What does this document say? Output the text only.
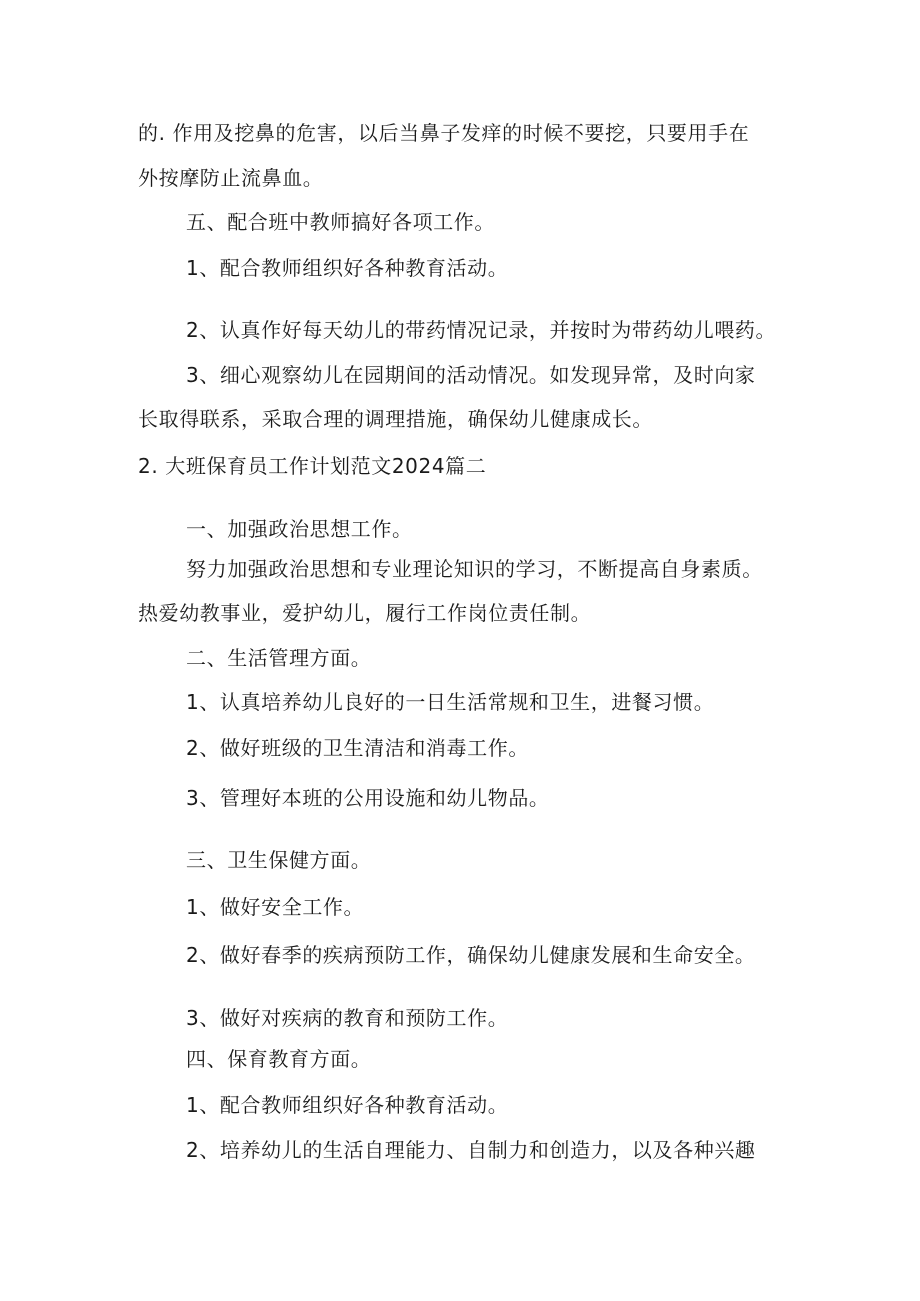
的. 作用及挖鼻的危害，以后当鼻子发痒的时候不要挖，只要用手在
外按摩防止流鼻血。
五、配合班中教师搞好各项工作。
1、配合教师组织好各种教育活动。
2、认真作好每天幼儿的带药情况记录，并按时为带药幼儿喂药。
3、细心观察幼儿在园期间的活动情况。如发现异常，及时向家
长取得联系，采取合理的调理措施，确保幼儿健康成长。
2. 大班保育员工作计划范文2024篇二
一、加强政治思想工作。
努力加强政治思想和专业理论知识的学习，不断提高自身素质。
热爱幼教事业，爱护幼儿，履行工作岗位责任制。
二、生活管理方面。
1、认真培养幼儿良好的一日生活常规和卫生，进餐习惯。
2、做好班级的卫生清洁和消毒工作。
3、管理好本班的公用设施和幼儿物品。
三、卫生保健方面。
1、做好安全工作。
2、做好春季的疾病预防工作，确保幼儿健康发展和生命安全。
3、做好对疾病的教育和预防工作。
四、保育教育方面。
1、配合教师组织好各种教育活动。
2、培养幼儿的生活自理能力、自制力和创造力，以及各种兴趣
